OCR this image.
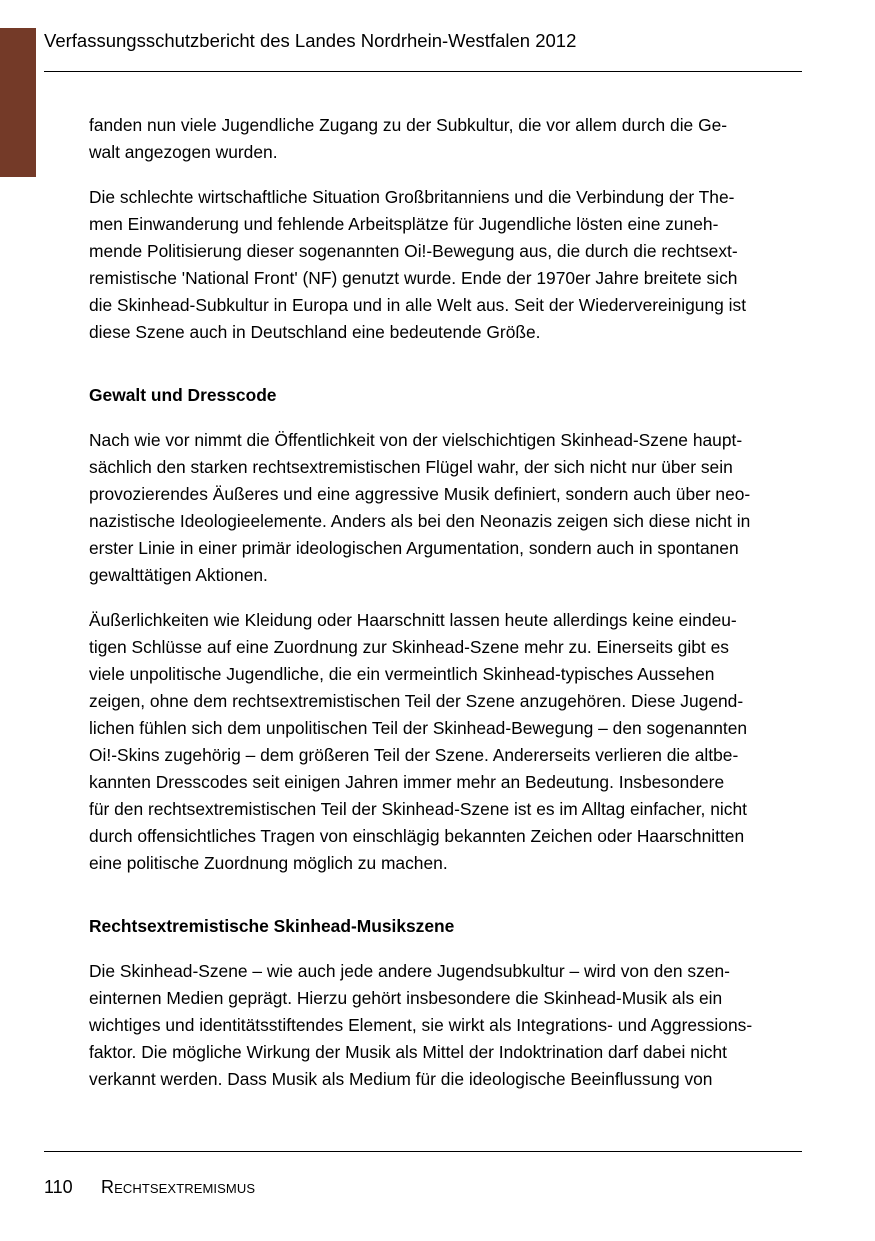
Verfassungsschutzbericht des Landes Nordrhein-Westfalen 2012

fanden nun viele Jugendliche Zugang zu der Subkultur, die vor allem durch die Ge-
walt angezogen wurden.

Die schlechte wirtschaftliche Situation Großbritanniens und die Verbindung der The-
men Einwanderung und fehlende Arbeitsplätze für Jugendliche lösten eine zuneh-
mende Politisierung dieser sogenannten Oi!-Bewegung aus, die durch die rechtsext-
remistische 'National Front' (NF) genutzt wurde. Ende der 1970er Jahre breitete sich
die Skinhead-Subkultur in Europa und in alle Welt aus. Seit der Wiedervereinigung ist
diese Szene auch in Deutschland eine bedeutende Größe.

Gewalt und Dresscode

Nach wie vor nimmt die Öffentlichkeit von der vielschichtigen Skinhead-Szene haupt-
sächlich den starken rechtsextremistischen Flügel wahr, der sich nicht nur über sein
provozierendes Äußeres und eine aggressive Musik definiert, sondern auch über neo-
nazistische Ideologieelemente. Anders als bei den Neonazis zeigen sich diese nicht in
erster Linie in einer primär ideologischen Argumentation, sondern auch in spontanen
gewalttätigen Aktionen.

Äußerlichkeiten wie Kleidung oder Haarschnitt lassen heute allerdings keine eindeu-
tigen Schlüsse auf eine Zuordnung zur Skinhead-Szene mehr zu. Einerseits gibt es
viele unpolitische Jugendliche, die ein vermeintlich Skinhead-typisches Aussehen
zeigen, ohne dem rechtsextremistischen Teil der Szene anzugehören. Diese Jugend-
lichen fühlen sich dem unpolitischen Teil der Skinhead-Bewegung – den sogenannten
Oi!-Skins zugehörig – dem größeren Teil der Szene. Andererseits verlieren die altbe-
kannten Dresscodes seit einigen Jahren immer mehr an Bedeutung. Insbesondere
für den rechtsextremistischen Teil der Skinhead-Szene ist es im Alltag einfacher, nicht
durch offensichtliches Tragen von einschlägig bekannten Zeichen oder Haarschnitten
eine politische Zuordnung möglich zu machen.

Rechtsextremistische Skinhead-Musikszene

Die Skinhead-Szene – wie auch jede andere Jugendsubkultur – wird von den szen-
einternen Medien geprägt. Hierzu gehört insbesondere die Skinhead-Musik als ein
wichtiges und identitätsstiftendes Element, sie wirkt als Integrations- und Aggressions-
faktor. Die mögliche Wirkung der Musik als Mittel der Indoktrination darf dabei nicht
verkannt werden. Dass Musik als Medium für die ideologische Beeinflussung von

110 Rechtsextremismus
